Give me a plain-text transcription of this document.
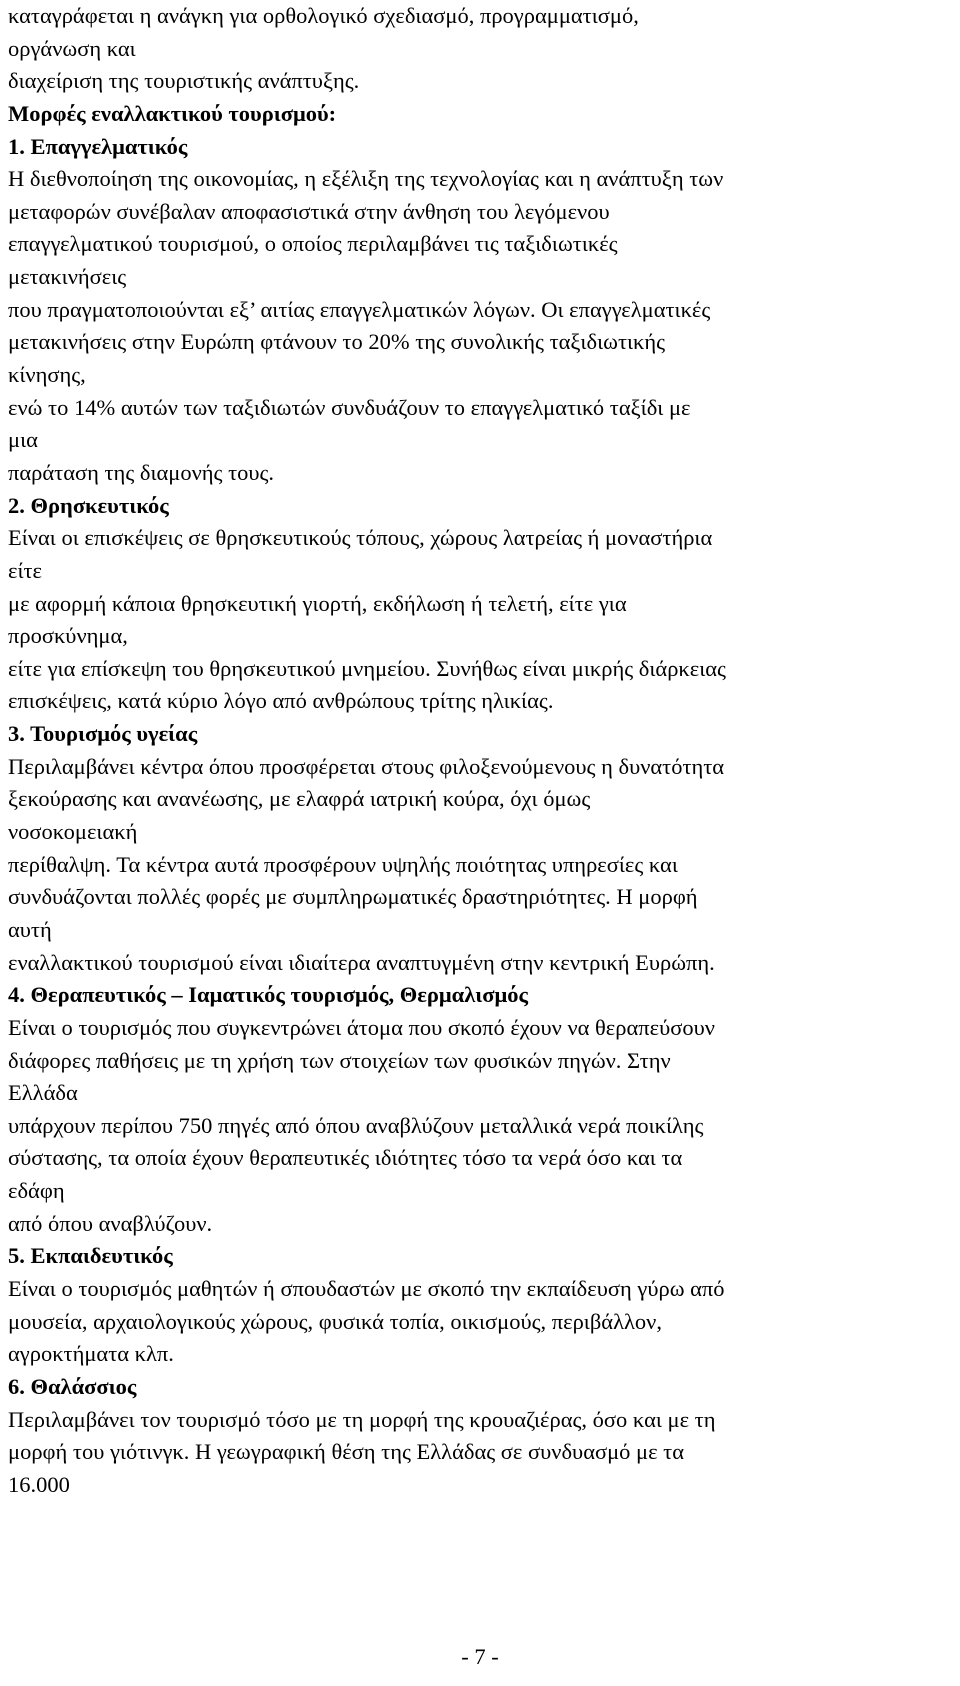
καταγράφεται η ανάγκη για ορθολογικό σχεδιασμό, προγραμματισμό,
οργάνωση και
διαχείριση της τουριστικής ανάπτυξης.
Μορφές εναλλακτικού τουρισμού:
1. Επαγγελματικός
Η διεθνοποίηση της οικονομίας, η εξέλιξη της τεχνολογίας και η ανάπτυξη των
μεταφορών συνέβαλαν αποφασιστικά στην άνθηση του λεγόμενου
επαγγελματικού τουρισμού, ο οποίος περιλαμβάνει τις ταξιδιωτικές
μετακινήσεις
που πραγματοποιούνται εξ’ αιτίας επαγγελματικών λόγων. Οι επαγγελματικές
μετακινήσεις στην Ευρώπη φτάνουν το 20% της συνολικής ταξιδιωτικής
κίνησης,
ενώ το 14% αυτών των ταξιδιωτών συνδυάζουν το επαγγελματικό ταξίδι με
μια
παράταση της διαμονής τους.
2. Θρησκευτικός
Είναι οι επισκέψεις σε θρησκευτικούς τόπους, χώρους λατρείας ή μοναστήρια
είτε
με αφορμή κάποια θρησκευτική γιορτή, εκδήλωση ή τελετή, είτε για
προσκύνημα,
είτε για επίσκεψη του θρησκευτικού μνημείου. Συνήθως είναι μικρής διάρκειας
επισκέψεις, κατά κύριο λόγο από ανθρώπους τρίτης ηλικίας.
3. Τουρισμός υγείας
Περιλαμβάνει κέντρα όπου προσφέρεται στους φιλοξενούμενους η δυνατότητα
ξεκούρασης και ανανέωσης, με ελαφρά ιατρική κούρα, όχι όμως
νοσοκομειακή
περίθαλψη. Τα κέντρα αυτά προσφέρουν υψηλής ποιότητας υπηρεσίες και
συνδυάζονται πολλές φορές με συμπληρωματικές δραστηριότητες. Η μορφή
αυτή
εναλλακτικού τουρισμού είναι ιδιαίτερα αναπτυγμένη στην κεντρική Ευρώπη.
4. Θεραπευτικός – Ιαματικός τουρισμός, Θερμαλισμός
Είναι ο τουρισμός που συγκεντρώνει άτομα που σκοπό έχουν να θεραπεύσουν
διάφορες παθήσεις με τη χρήση των στοιχείων των φυσικών πηγών. Στην
Ελλάδα
υπάρχουν περίπου 750 πηγές από όπου αναβλύζουν μεταλλικά νερά ποικίλης
σύστασης, τα οποία έχουν θεραπευτικές ιδιότητες τόσο τα νερά όσο και τα
εδάφη
από όπου αναβλύζουν.
5. Εκπαιδευτικός
Είναι ο τουρισμός μαθητών ή σπουδαστών με σκοπό την εκπαίδευση γύρω από
μουσεία, αρχαιολογικούς χώρους, φυσικά τοπία, οικισμούς, περιβάλλον,
αγροκτήματα κλπ.
6. Θαλάσσιος
Περιλαμβάνει τον τουρισμό τόσο με τη μορφή της κρουαζιέρας, όσο και με τη
μορφή του γιότινγκ. Η γεωγραφική θέση της Ελλάδας σε συνδυασμό με τα
16.000
- 7 -
